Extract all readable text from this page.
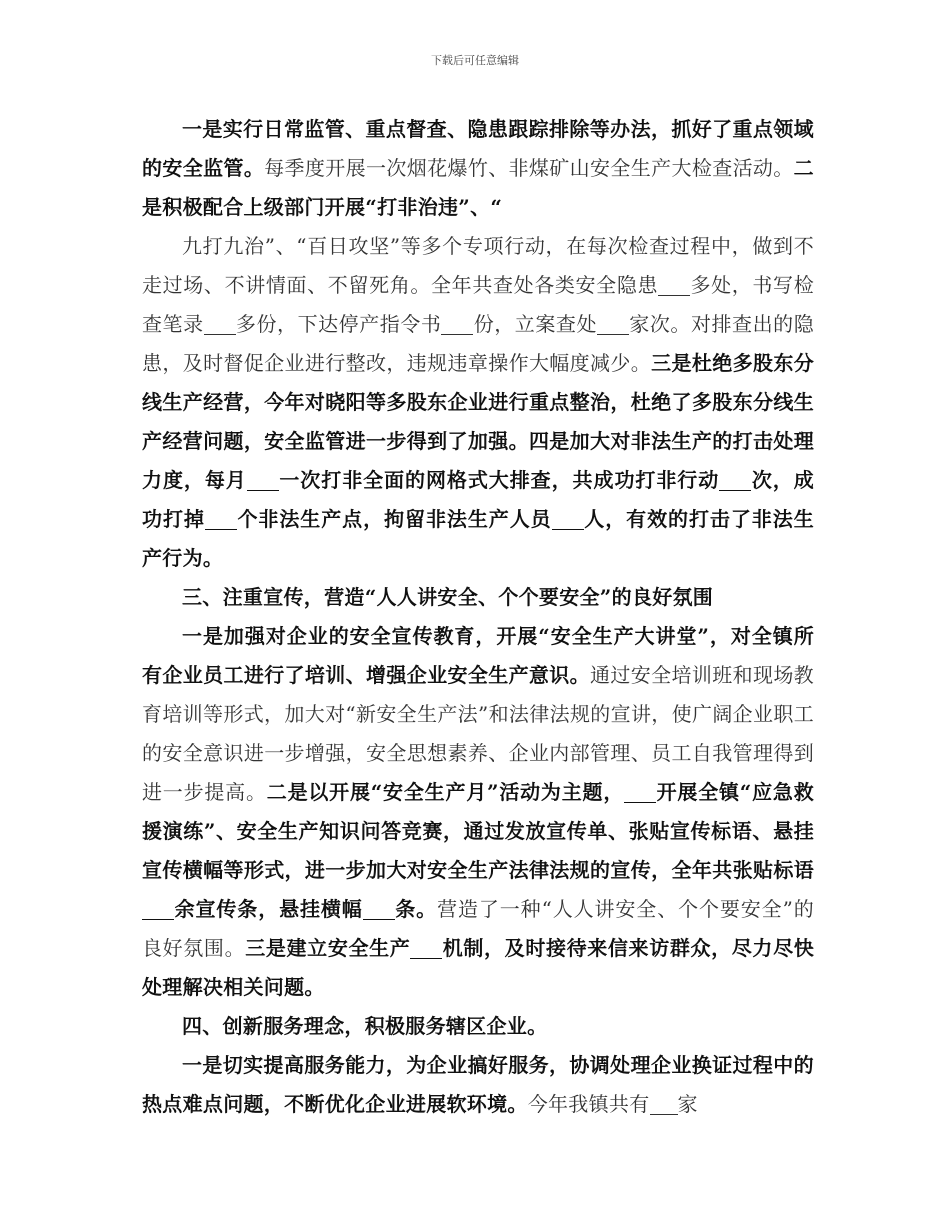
下载后可任意编辑

一是实行日常监管、重点督查、隐患跟踪排除等办法，抓好了重点领域的安全监管。每季度开展一次烟花爆竹、非煤矿山安全生产大检查活动。二是积极配合上级部门开展“打非治违”、“

九打九治”、“百日攻坚”等多个专项行动，在每次检查过程中，做到不走过场、不讲情面、不留死角。全年共查处各类安全隐患 多处，书写检查笔录 多份，下达停产指令书 份，立案查处 家次。对排查出的隐患，及时督促企业进行整改，违规违章操作大幅度减少。三是杜绝多股东分线生产经营，今年对晓阳等多股东企业进行重点整治，杜绝了多股东分线生产经营问题，安全监管进一步得到了加强。四是加大对非法生产的打击处理力度，每月 一次打非全面的网格式大排查，共成功打非行动 次，成功打掉 个非法生产点，拘留非法生产人员 人，有效的打击了非法生产行为。

三、注重宣传，营造“人人讲安全、个个要安全”的良好氛围

一是加强对企业的安全宣传教育，开展“安全生产大讲堂”，对全镇所有企业员工进行了培训、增强企业安全生产意识。通过安全培训班和现场教育培训等形式，加大对“新安全生产法”和法律法规的宣讲，使广阔企业职工的安全意识进一步增强，安全思想素养、企业内部管理、员工自我管理得到进一步提高。二是以开展“安全生产月”活动为主题， 开展全镇“应急救援演练”、安全生产知识问答竞赛，通过发放宣传单、张贴宣传标语、悬挂宣传横幅等形式，进一步加大对安全生产法律法规的宣传，全年共张贴标语余宣传条，悬挂横幅 条。营造了一种“人人讲安全、个个要安全”的良好氛围。三是建立安全生产 机制，及时接待来信来访群众，尽力尽快处理解决相关问题。

四、创新服务理念，积极服务辖区企业。

一是切实提高服务能力，为企业搞好服务，协调处理企业换证过程中的热点难点问题，不断优化企业进展软环境。今年我镇共有 家
